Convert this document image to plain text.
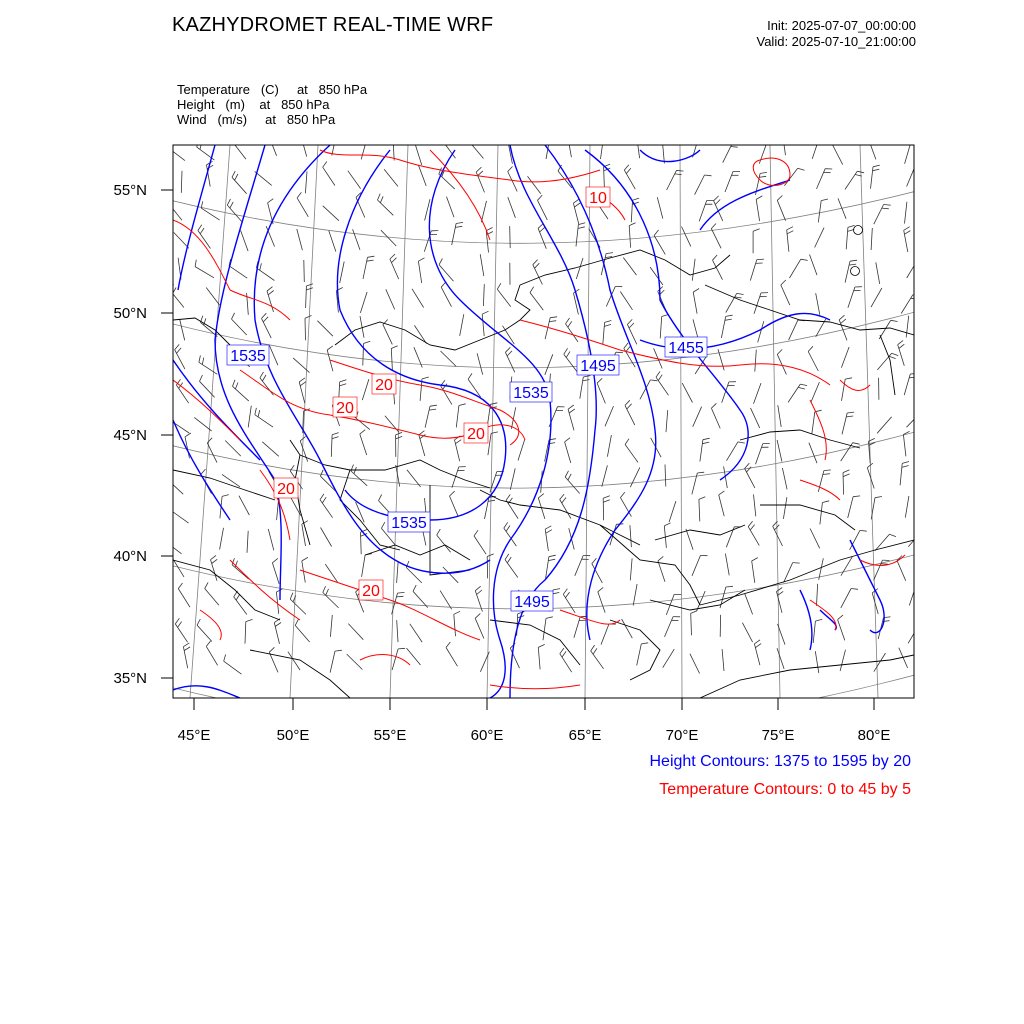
KAZHYDROMET REAL-TIME WRF	Init: 2025-07-07_00:00:00
Valid: 2025-07-10_21:00:00
Temperature (C) at 850 hPa
Height (m) at 850 hPa
Wind (m/s) at 850 hPa
1535
1535
1535
1495
1495
1455
10
20
20
20
20
20
55°N
50°N
45°N
40°N
35°N
45°E	50°E	55°E	60°E	65°E	70°E	75°E	80°E
Height Contours: 1375 to 1595 by 20
Temperature Contours: 0 to 45 by 5
